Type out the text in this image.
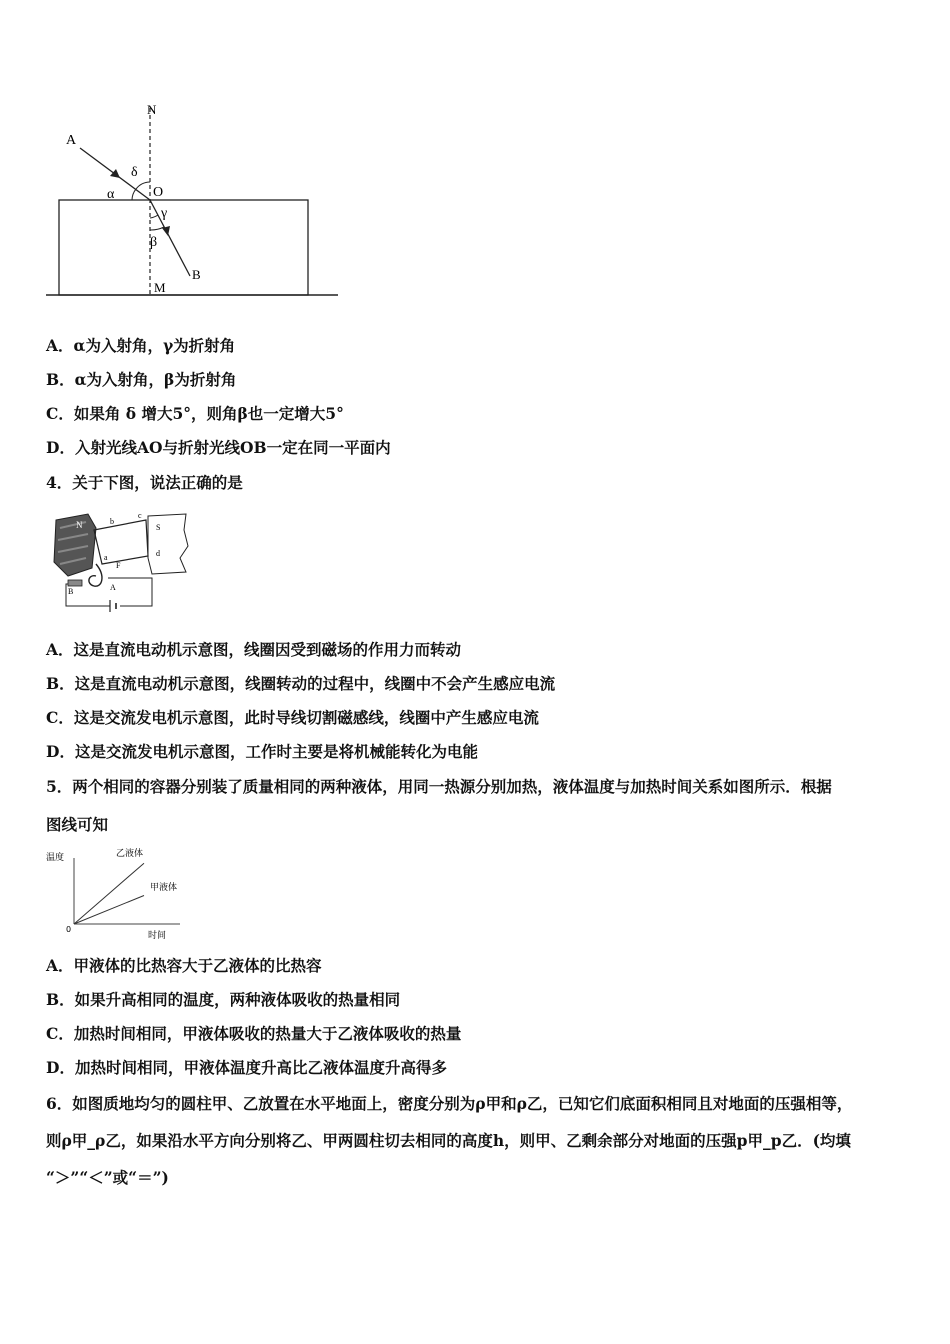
N
A
δ
α	O
γ
β
B
M
A．α为入射角，γ为折射角
B．α为入射角，β为折射角
C．如果角 δ 增大5°，则角β也一定增大5°
D．入射光线AO与折射光线OB一定在同一平面内
4．关于下图，说法正确的是
N	b
S
c
d
a
F
B	A
A．这是直流电动机示意图，线圈因受到磁场的作用力而转动
B．这是直流电动机示意图，线圈转动的过程中，线圈中不会产生感应电流
C．这是交流发电机示意图，此时导线切割磁感线，线圈中产生感应电流
D．这是交流发电机示意图，工作时主要是将机械能转化为电能
5．两个相同的容器分别装了质量相同的两种液体，用同一热源分别加热，液体温度与加热时间关系如图所示．根据
图线可知
温度
时间
0
乙液体
甲液体
A．甲液体的比热容大于乙液体的比热容
B．如果升高相同的温度，两种液体吸收的热量相同
C．加热时间相同，甲液体吸收的热量大于乙液体吸收的热量
D．加热时间相同，甲液体温度升高比乙液体温度升高得多
6．如图质地均匀的圆柱甲、乙放置在水平地面上，密度分别为ρ甲和ρ乙，已知它们底面积相同且对地面的压强相等，
则ρ甲_ρ乙，如果沿水平方向分别将乙、甲两圆柱切去相同的高度h，则甲、乙剩余部分对地面的压强p甲_p乙．(均填
“＞”“＜”或“＝”)
